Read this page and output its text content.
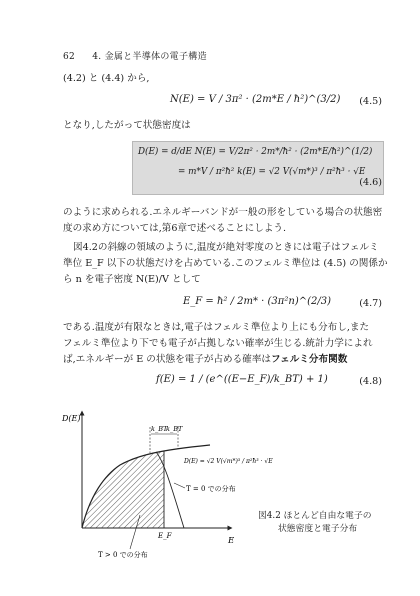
62 4. 金属と半導体の電子構造
(4.2) と (4.4) から,
N(E) = V / 3π² · (2m*E / ħ²)^(3/2) (4.5)
となり,したがって状態密度は
D(E) = d/dE N(E) = V/2π² · 2m*/ħ² · (2m*E/ħ²)^(1/2)
= m*V / π²ħ² k(E) = √2 V(√m*)³ / π²ħ³ · √E
(4.6)
のように求められる.エネルギーバンドが一般の形をしている場合の状態密
度の求め方については,第6章で述べることにしよう.
図4.2の斜線の領域のように,温度が絶対零度のときには電子はフェルミ
準位 E_F 以下の状態だけを占めている.このフェルミ準位は (4.5) の関係か
ら n を電子密度 N(E)/V として
E_F = ħ² / 2m* · (3π²n)^(2/3)	(4.7)
である.温度が有限なときは,電子はフェルミ準位より上にも分布し,また
フェルミ準位より下でも電子が占拠しない確率が生じる.統計力学によれ
ば,エネルギーが E の状態を電子が占める確率はフェルミ分布関数
f(E) = 1 / (e^((E−E_F)/k_BT) + 1)	(4.8)
D(E)
E
k_BT
k_BT
D(E) = √2 V(√m*)³ / π²ħ³ · √E
T = 0 での分布
E_F
T > 0 での分布
図4.2 ほとんど自由な電子の
状態密度と電子分布
